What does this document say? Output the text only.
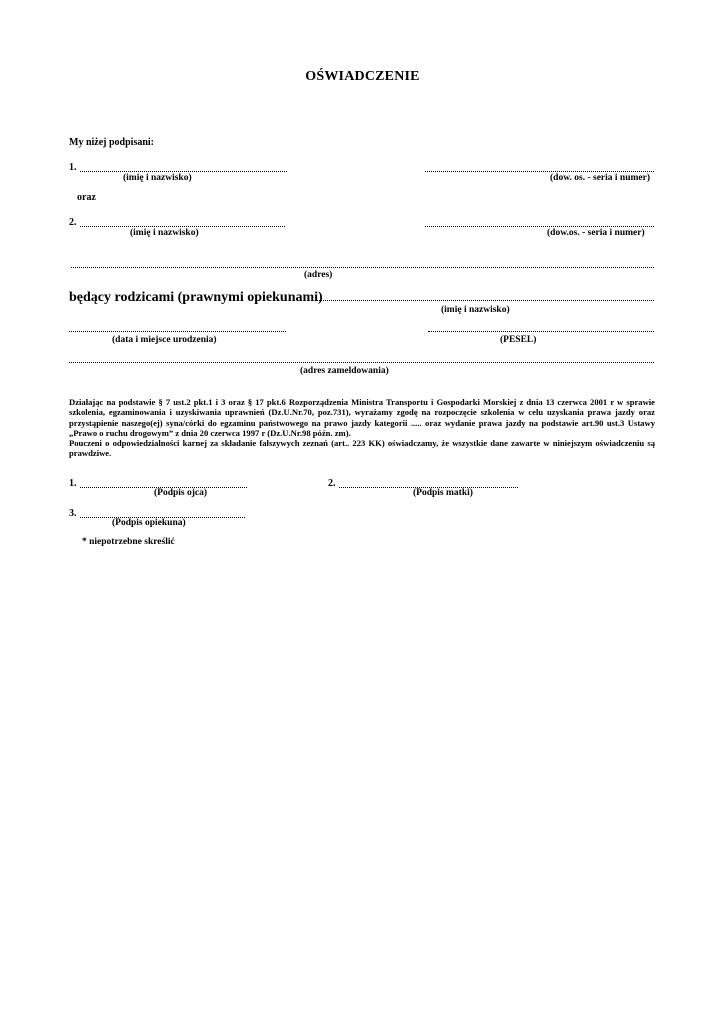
OŚWIADCZENIE
My niżej podpisani:
1.
(imię i nazwisko)	(dow. os. - seria i numer)
oraz
2.
(imię i nazwisko)	(dow.os. - seria i numer)
(adres)
będący rodzicami (prawnymi opiekunami)
(imię i nazwisko)
(data i miejsce urodzenia)	(PESEL)
(adres zameldowania)
Działając na podstawie § 7 ust.2 pkt.1 i 3 oraz § 17 pkt.6 Rozporządzenia Ministra Transportu i Gospodarki Morskiej z dnia 13 czerwca 2001 r w sprawie szkolenia, egzaminowania i uzyskiwania uprawnień (Dz.U.Nr.70, poz.731), wyrażamy zgodę na rozpoczęcie szkolenia w celu uzyskania prawa jazdy oraz przystąpienie naszego(ej) syna/córki do egzaminu państwowego na prawo jazdy kategorii ..... oraz wydanie prawa jazdy na podstawie art.90 ust.3 Ustawy „Prawo o ruchu drogowym” z dnia 20 czerwca 1997 r (Dz.U.Nr.98 późn. zm).
Pouczeni o odpowiedzialności karnej za składanie fałszywych zeznań (art.. 223 KK) oświadczamy, że wszystkie dane zawarte w niniejszym oświadczeniu są prawdziwe.
1.
(Podpis ojca)
2.
(Podpis matki)
3.
(Podpis opiekuna)
* niepotrzebne skreślić
